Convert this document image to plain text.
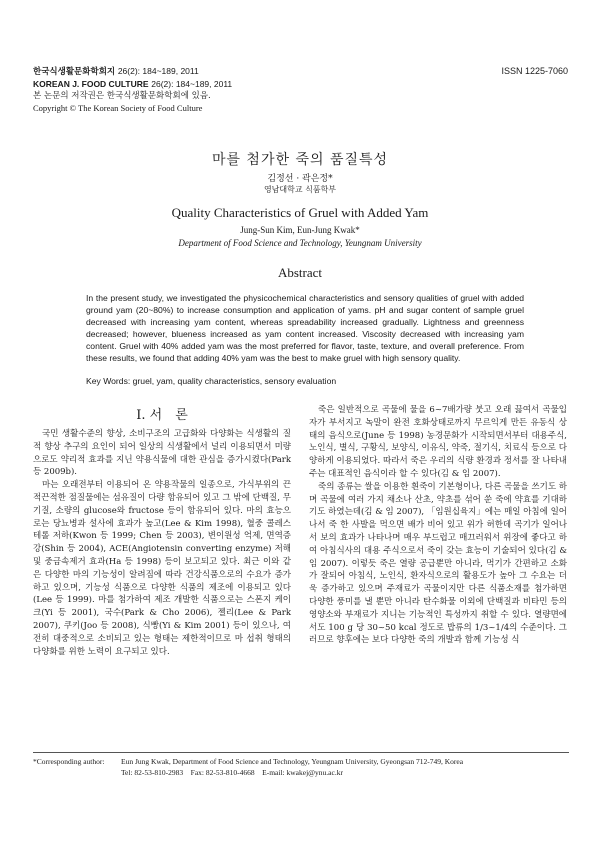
한국식생활문화학회지 26(2): 184~189, 2011
KOREAN J. FOOD CULTURE 26(2): 184~189, 2011
본 논문의 저작권은 한국식생활문화학회에 있음.
Copyright © The Korean Society of Food Culture
ISSN 1225-7060
마를 첨가한 죽의 품질특성
김정선 · 곽은정*
영남대학교 식품학부
Quality Characteristics of Gruel with Added Yam
Jung-Sun Kim, Eun-Jung Kwak*
Department of Food Science and Technology, Yeungnam University
Abstract

In the present study, we investigated the physicochemical characteristics and sensory qualities of gruel with added ground yam (20~80%) to increase consumption and application of yams. pH and sugar content of sample gruel decreased with increasing yam content, whereas spreadability increased gradually. Lightness and greenness decreased; however, blueness increased as yam content increased. Viscosity decreased with increasing yam content. Gruel with 40% added yam was the most preferred for flavor, taste, texture, and overall preference. From these results, we found that adding 40% yam was the best to make gruel with high sensory quality.

Key Words: gruel, yam, quality characteristics, sensory evaluation
Ⅰ. 서　론

국민 생활수준의 향상, 소비구조의 고급화와 다양화는 식생활의 질적 향상 추구의 요인이 되어 일상의 식생활에서 널리 이용되면서 미량으로도 약리적 효과를 지닌 약용식물에 대한 관심을 증가시켰다(Park 등 2009b).

마는 오래전부터 이용되어 온 약용작물의 일종으로, 가식부위의 끈적끈적한 점질물에는 섬유질이 다량 함유되어 있고 그 밖에 단백질, 무기질, 소량의 glucose와 fructose 등이 함유되어 있다. 마의 효능으로는 당뇨병과 설사에 효과가 높고(Lee & Kim 1998), 혈중 콜레스테롤 저하(Kwon 등 1999; Chen 등 2003), 변이원성 억제, 면역증강(Shin 등 2004), ACE(Angiotensin converting enzyme) 저해 및 중금속제거 효과(Ha 등 1998) 등이 보고되고 있다. 최근 이와 같은 다양한 마의 기능성이 알려짐에 따라 건강식품으로의 수요가 증가하고 있으며, 기능성 식품으로 다양한 식품의 제조에 이용되고 있다(Lee 등 1999). 마를 첨가하여 제조 개발한 식품으로는 스폰지 케이크(Yi 등 2001), 국수(Park & Cho 2006), 젤리(Lee & Park 2007), 쿠키(Joo 등 2008), 식빵(Yi & Kim 2001) 등이 있으나, 여전히 대중적으로 소비되고 있는 형태는 제한적이므로 마 섭취 형태의 다양화를 위한 노력이 요구되고 있다.

죽은 일반적으로 곡물에 물을 6~7배가량 붓고 오래 끓여서 곡물입자가 부서지고 녹말이 완전 호화상태로까지 무르익게 만든 유동식 상태의 음식으로(June 등 1998) 농경문화가 시작되면서부터 대용주식, 노인식, 별식, 구황식, 보양식, 이유식, 약죽, 절기식, 치료식 등으로 다양하게 이용되었다. 따라서 죽은 우리의 식량 환경과 정서를 잘 나타내주는 대표적인 음식이라 할 수 있다(김 & 임 2007).

죽의 종류는 쌀을 이용한 흰죽이 기본형이나, 다른 곡물을 쓰기도 하며 곡물에 여러 가지 채소나 산초, 약초를 섞어 쑨 죽에 약효를 기대하기도 하였는데(김 & 임 2007), 「임원십육지」에는 매일 아침에 일어나서 죽 한 사발을 먹으면 배가 비어 있고 위가 허한데 곡기가 일어나서 보의 효과가 나타나며 매우 부드럽고 매끄러워서 위장에 좋다고 하여 아침식사의 대용 주식으로서 죽이 갖는 효능이 기술되어 있다(김 & 임 2007). 이렇듯 죽은 열량 공급뿐만 아니라, 먹기가 간편하고 소화가 잘되어 아침식, 노인식, 환자식으로의 활용도가 높아 그 수요는 더욱 증가하고 있으며 주재료가 곡물이지만 다른 식품소재를 첨가하면 다양한 풍미를 낼 뿐만 아니라 탄수화물 이외에 단백질과 비타민 등의 영양소와 부재료가 지니는 기능적인 특성까지 취할 수 있다. 열량면에서도 100 g 당 30~50 kcal 정도로 밥류의 1/3~1/4의 수준이다. 그러므로 향후에는 보다 다양한 죽의 개발과 함께 기능성 식

*Corresponding author: Eun Jung Kwak, Department of Food Science and Technology, Yeungnam University, Gyeongsan 712-749, Korea
Tel: 82-53-810-2983　Fax: 82-53-810-4668　E-mail: kwakej@ynu.ac.kr
